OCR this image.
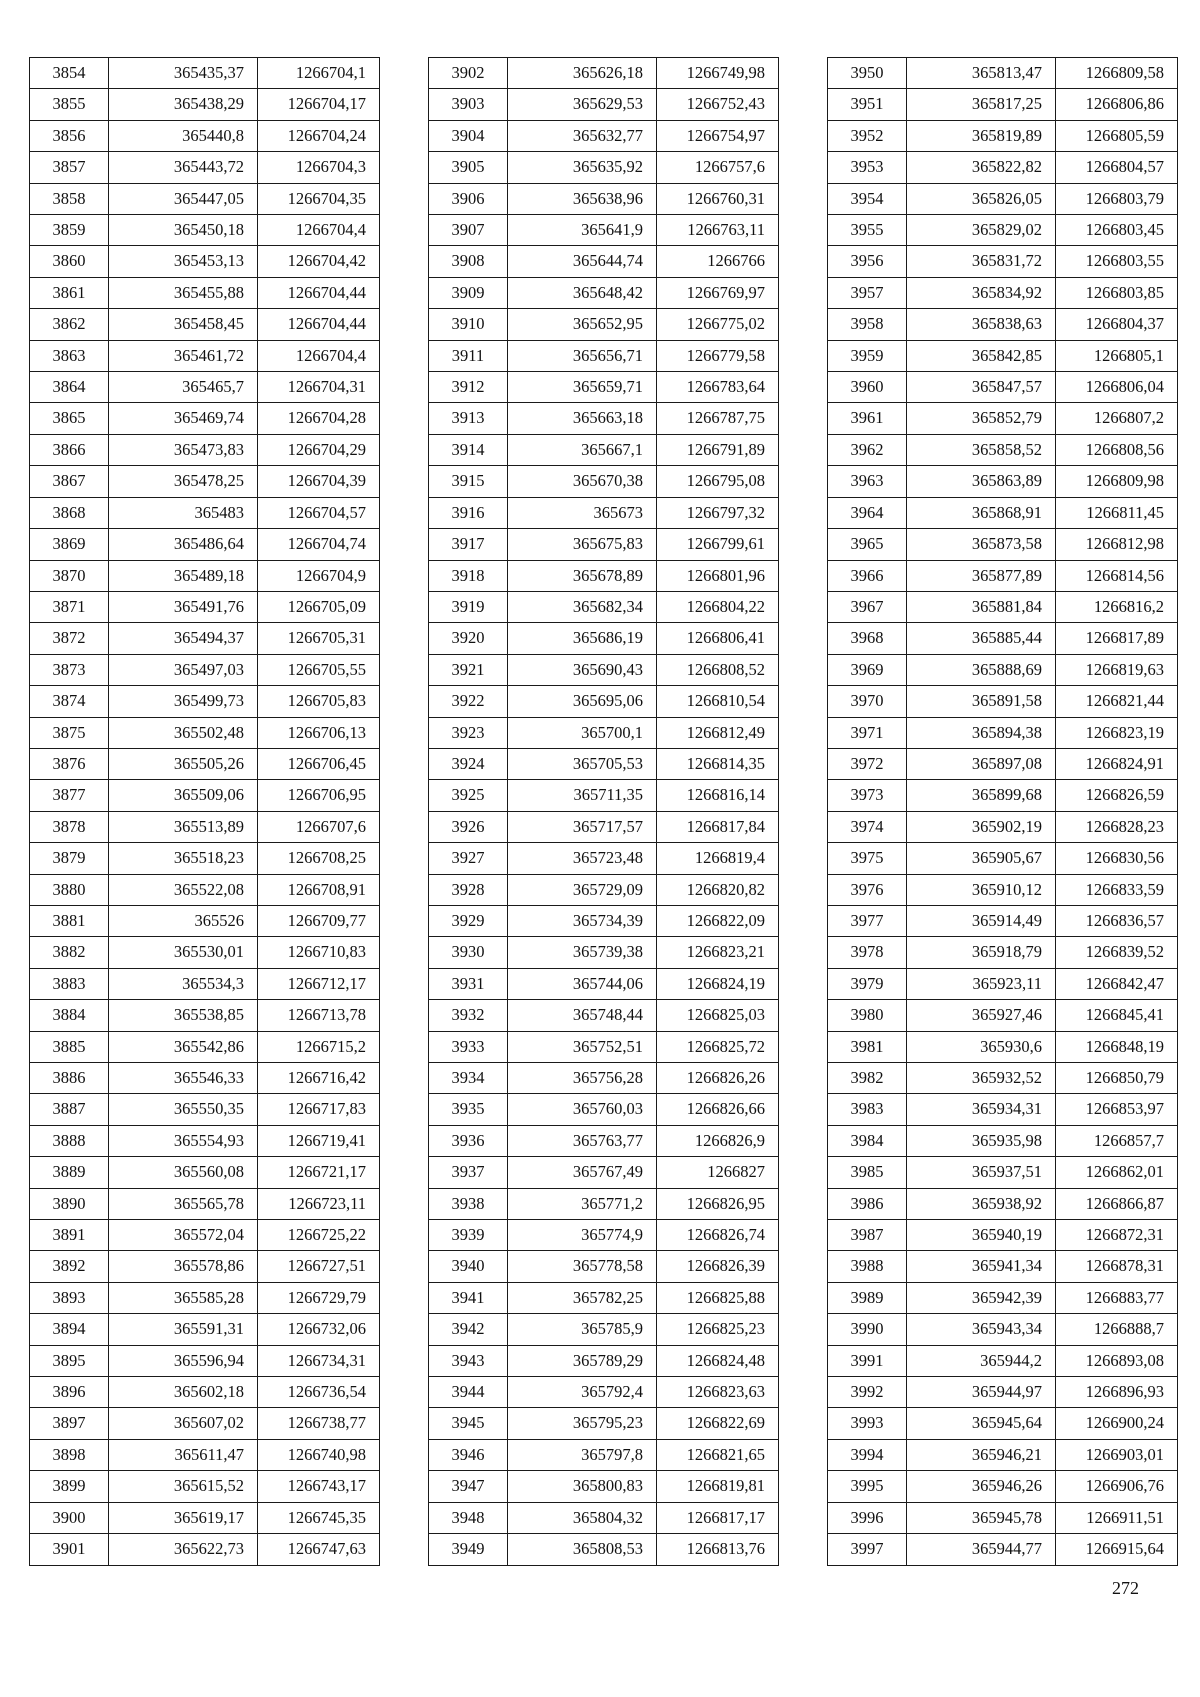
3854	365435,37	1266704,1
3855	365438,29	1266704,17
3856	365440,8	1266704,24
3857	365443,72	1266704,3
3858	365447,05	1266704,35
3859	365450,18	1266704,4
3860	365453,13	1266704,42
3861	365455,88	1266704,44
3862	365458,45	1266704,44
3863	365461,72	1266704,4
3864	365465,7	1266704,31
3865	365469,74	1266704,28
3866	365473,83	1266704,29
3867	365478,25	1266704,39
3868	365483	1266704,57
3869	365486,64	1266704,74
3870	365489,18	1266704,9
3871	365491,76	1266705,09
3872	365494,37	1266705,31
3873	365497,03	1266705,55
3874	365499,73	1266705,83
3875	365502,48	1266706,13
3876	365505,26	1266706,45
3877	365509,06	1266706,95
3878	365513,89	1266707,6
3879	365518,23	1266708,25
3880	365522,08	1266708,91
3881	365526	1266709,77
3882	365530,01	1266710,83
3883	365534,3	1266712,17
3884	365538,85	1266713,78
3885	365542,86	1266715,2
3886	365546,33	1266716,42
3887	365550,35	1266717,83
3888	365554,93	1266719,41
3889	365560,08	1266721,17
3890	365565,78	1266723,11
3891	365572,04	1266725,22
3892	365578,86	1266727,51
3893	365585,28	1266729,79
3894	365591,31	1266732,06
3895	365596,94	1266734,31
3896	365602,18	1266736,54
3897	365607,02	1266738,77
3898	365611,47	1266740,98
3899	365615,52	1266743,17
3900	365619,17	1266745,35
3901	365622,73	1266747,63
3902	365626,18	1266749,98
3903	365629,53	1266752,43
3904	365632,77	1266754,97
3905	365635,92	1266757,6
3906	365638,96	1266760,31
3907	365641,9	1266763,11
3908	365644,74	1266766
3909	365648,42	1266769,97
3910	365652,95	1266775,02
3911	365656,71	1266779,58
3912	365659,71	1266783,64
3913	365663,18	1266787,75
3914	365667,1	1266791,89
3915	365670,38	1266795,08
3916	365673	1266797,32
3917	365675,83	1266799,61
3918	365678,89	1266801,96
3919	365682,34	1266804,22
3920	365686,19	1266806,41
3921	365690,43	1266808,52
3922	365695,06	1266810,54
3923	365700,1	1266812,49
3924	365705,53	1266814,35
3925	365711,35	1266816,14
3926	365717,57	1266817,84
3927	365723,48	1266819,4
3928	365729,09	1266820,82
3929	365734,39	1266822,09
3930	365739,38	1266823,21
3931	365744,06	1266824,19
3932	365748,44	1266825,03
3933	365752,51	1266825,72
3934	365756,28	1266826,26
3935	365760,03	1266826,66
3936	365763,77	1266826,9
3937	365767,49	1266827
3938	365771,2	1266826,95
3939	365774,9	1266826,74
3940	365778,58	1266826,39
3941	365782,25	1266825,88
3942	365785,9	1266825,23
3943	365789,29	1266824,48
3944	365792,4	1266823,63
3945	365795,23	1266822,69
3946	365797,8	1266821,65
3947	365800,83	1266819,81
3948	365804,32	1266817,17
3949	365808,53	1266813,76
3950	365813,47	1266809,58
3951	365817,25	1266806,86
3952	365819,89	1266805,59
3953	365822,82	1266804,57
3954	365826,05	1266803,79
3955	365829,02	1266803,45
3956	365831,72	1266803,55
3957	365834,92	1266803,85
3958	365838,63	1266804,37
3959	365842,85	1266805,1
3960	365847,57	1266806,04
3961	365852,79	1266807,2
3962	365858,52	1266808,56
3963	365863,89	1266809,98
3964	365868,91	1266811,45
3965	365873,58	1266812,98
3966	365877,89	1266814,56
3967	365881,84	1266816,2
3968	365885,44	1266817,89
3969	365888,69	1266819,63
3970	365891,58	1266821,44
3971	365894,38	1266823,19
3972	365897,08	1266824,91
3973	365899,68	1266826,59
3974	365902,19	1266828,23
3975	365905,67	1266830,56
3976	365910,12	1266833,59
3977	365914,49	1266836,57
3978	365918,79	1266839,52
3979	365923,11	1266842,47
3980	365927,46	1266845,41
3981	365930,6	1266848,19
3982	365932,52	1266850,79
3983	365934,31	1266853,97
3984	365935,98	1266857,7
3985	365937,51	1266862,01
3986	365938,92	1266866,87
3987	365940,19	1266872,31
3988	365941,34	1266878,31
3989	365942,39	1266883,77
3990	365943,34	1266888,7
3991	365944,2	1266893,08
3992	365944,97	1266896,93
3993	365945,64	1266900,24
3994	365946,21	1266903,01
3995	365946,26	1266906,76
3996	365945,78	1266911,51
3997	365944,77	1266915,64
272
